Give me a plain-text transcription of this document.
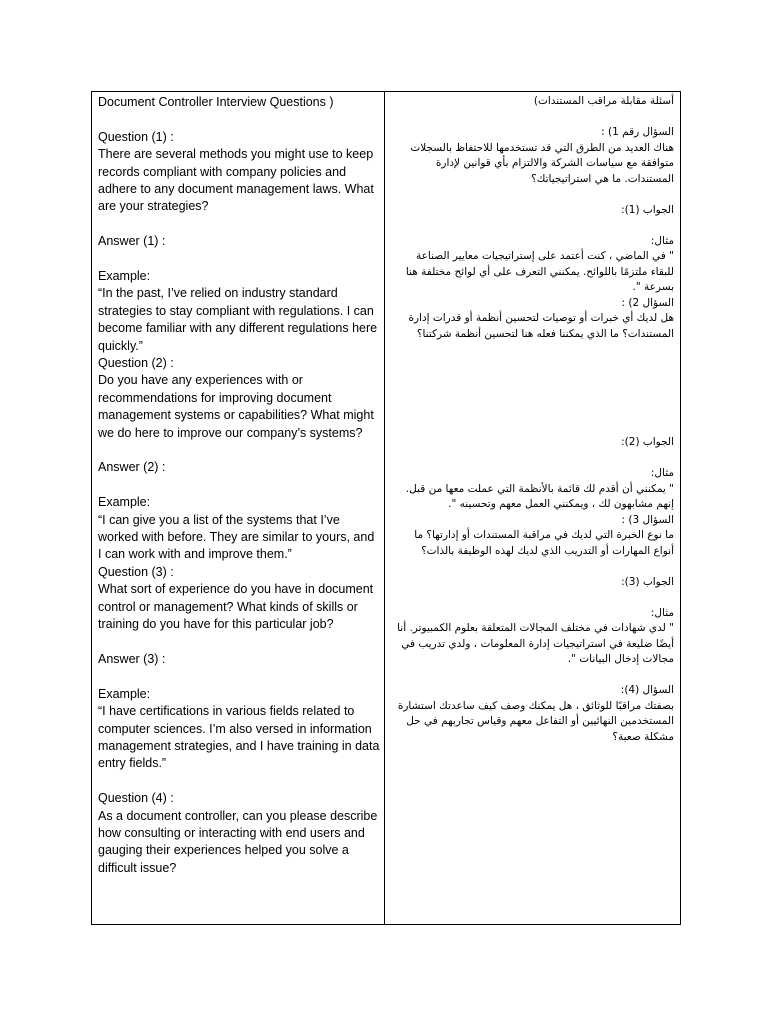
Document Controller Interview Questions )
Question (1) :
There are several methods you might use to keep records compliant with company policies and adhere to any document management laws. What are your strategies?
Answer (1) :
Example:
“In the past, I’ve relied on industry standard strategies to stay compliant with regulations. I can become familiar with any different regulations here quickly.”
Question (2) :
Do you have any experiences with or recommendations for improving document management systems or capabilities? What might we do here to improve our company’s systems?
Answer (2) :
Example:
“I can give you a list of the systems that I’ve worked with before. They are similar to yours, and I can work with and improve them.”
Question (3) :
What sort of experience do you have in document control or management? What kinds of skills or training do you have for this particular job?
Answer (3) :
Example:
“I have certifications in various fields related to computer sciences. I’m also versed in information management strategies, and I have training in data entry fields.”
Question (4) :
As a document controller, can you please describe how consulting or interacting with end users and gauging their experiences helped you solve a difficult issue?
أسئلة مقابلة مراقب المستندات)
السؤال رقم 1) :
هناك العديد من الطرق التي قد تستخدمها للاحتفاظ بالسجلات متوافقة مع سياسات الشركة والالتزام بأي قوانين لإدارة المستندات. ما هي استراتيجياتك؟
الجواب (1):
مثال:
" في الماضي ، كنت أعتمد على إستراتيجيات معايير الصناعة للبقاء ملتزمًا باللوائح. يمكنني التعرف على أي لوائح مختلفة هنا بسرعة ".
السؤال 2) :
هل لديك أي خبرات أو توصيات لتحسين أنظمة أو قدرات إدارة المستندات؟ ما الذي يمكننا فعله هنا لتحسين أنظمة شركتنا؟
الجواب (2):
مثال:
" يمكنني أن أقدم لك قائمة بالأنظمة التي عملت معها من قبل. إنهم مشابهون لك ، ويمكنني العمل معهم وتحسينه ".
السؤال 3) :
ما نوع الخبرة التي لديك في مراقبة المستندات أو إدارتها؟ ما أنواع المهارات أو التدريب الذي لديك لهذه الوظيفة بالذات؟
الجواب (3):
مثال:
" لدي شهادات في مختلف المجالات المتعلقة بعلوم الكمبيوتر. أنا أيضًا ضليعة في استراتيجيات إدارة المعلومات ، ولدي تدريب في مجالات إدخال البيانات ".
السؤال (4):
بصفتك مراقبًا للوثائق ، هل يمكنك وصف كيف ساعدتك استشارة المستخدمين النهائيين أو التفاعل معهم وقياس تجاربهم في حل مشكلة صعبة؟
